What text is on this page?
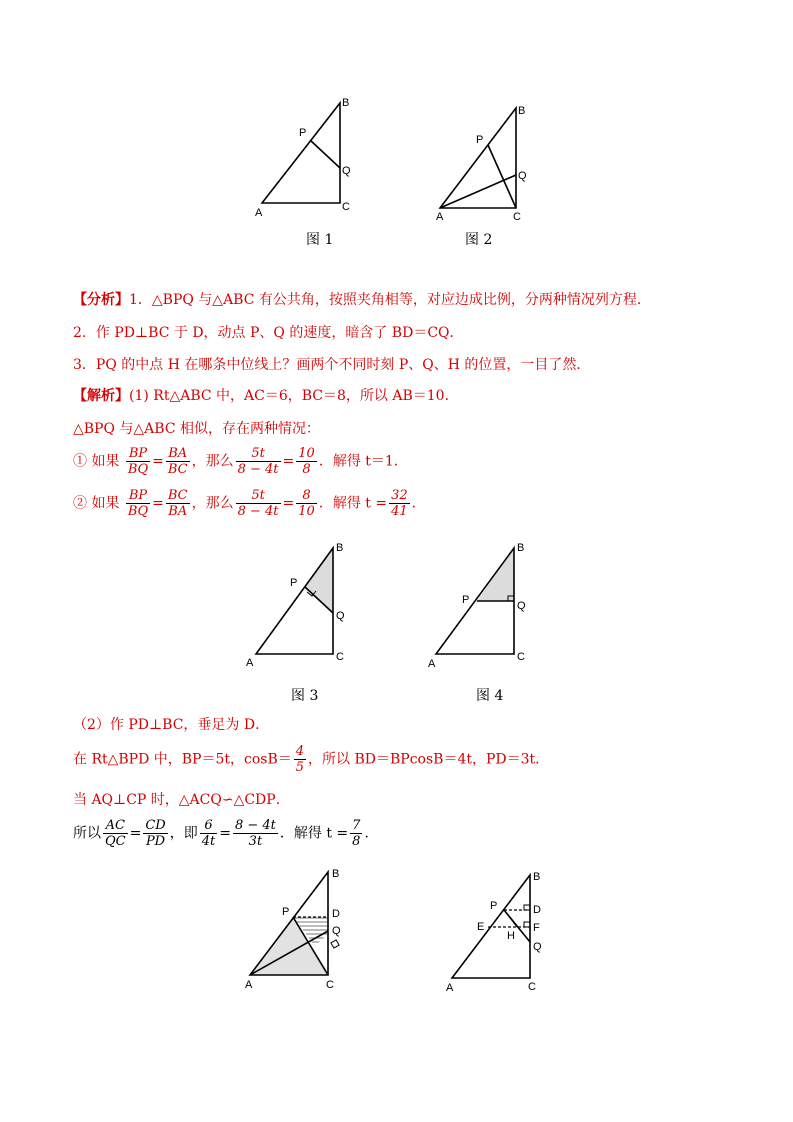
A
B
C
P
Q
A
B
C
P
Q
A
B
C
P
Q
A
B
C
P	Q
A
B
C
P	D
Q
A
B
C
P	D
E	F
H
Q
图 1	图 2
图 3	图 4
【分析】1．△BPQ 与△ABC 有公共角，按照夹角相等，对应边成比例，分两种情况列方程．
2．作 PD⊥BC 于 D，动点 P、Q 的速度，暗含了 BD＝CQ．
3．PQ 的中点 H 在哪条中位线上？画两个不同时刻 P、Q、H 的位置，一目了然．
【解析】(1) Rt△ABC 中，AC＝6，BC＝8，所以 AB＝10．
△BPQ 与△ABC 相似，存在两种情况：
① 如果 $\frac{BP}{BQ} = \frac{BA}{BC}$ ，那么 $\frac{5t}{8 - 4t} = \frac{10}{8}$ ．解得 t＝1．
② 如果 $\frac{BP}{BQ} = \frac{BC}{BA}$ ，那么 $\frac{5t}{8 - 4t} = \frac{8}{10}$ ．解得 $t = \frac{32}{41}$ ．
（2）作 PD⊥BC，垂足为 D．
在 Rt△BPD 中，BP＝5t，$\cos B= \frac{4}{5}$ ，所以 BD＝BPcosB＝4t，PD＝3t．
当 AQ⊥CP 时，△ACQ∽△CDP．
所以 $\frac{AC}{QC} = \frac{CD}{PD}$ ，即 $\frac{6}{4t} = \frac{8 - 4t}{3t}$ ．解得 $t = \frac{7}{8}$ ．
